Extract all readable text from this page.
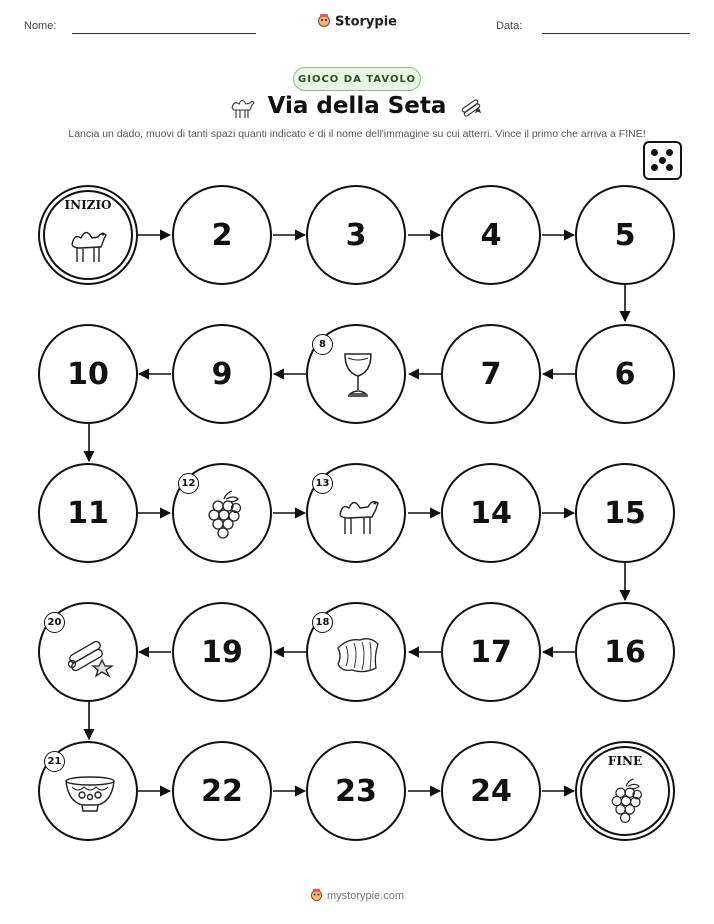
Nome:	Storypie	Data:
GIOCO DA TAVOLO
Via della Seta
Lancia un dado, muovi di tanti spazi quanti indicato e di il nome dell'immagine su cui atterri. Vince il primo che arriva a FINE!
INIZIO
2	3	4	5
6
7
8
9
10
11
12	13
14	15
16
17
18
19
20
21
22	23	24
FINE
mystorypie.com
